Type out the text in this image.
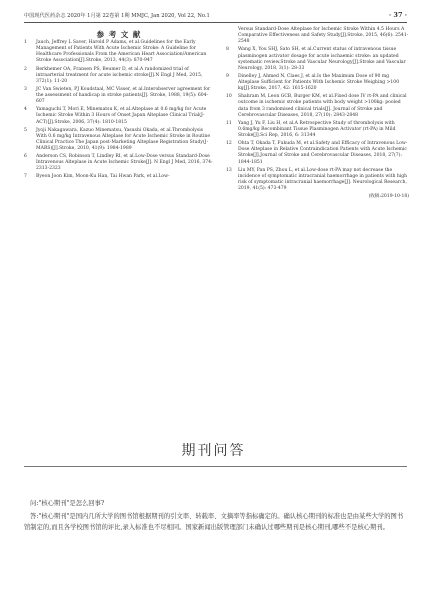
中国现代医药杂志 2020年 1月第 22卷第 1期 MMJC, Jan 2020, Vol 22, No.1	· 37 ·
参 考 文 献
1 Jauch, Jeffrey L Saver, Harold P Adams, et al.Guidelines for the Early Management of Patients With Acute Ischemic Stroke: A Guideline for Healthcare Professionals From the American Heart Association/American Stroke Association[J].Stroke, 2013, 44(3): 870-947
2 Berkhemer OA, Fransen PS, Beumer D, et al.A randomized trial of intraarterial treatment for acute ischemic stroke[J].N Engl J Med, 2015, 372(1): 11-20
3 JC Van Swieten, PJ Koudstaal, MC Visser, et al.Interobserver agreement for the assessment of handicap in stroke patients[J]. Stroke, 1988, 19(5): 604-607
4 Yamaguchi T, Mori E, Minematsu K, et al.Alteplase at 0.6 mg/kg for Acute Ischemic Stroke Within 3 Hours of Onset Japan Alteplase Clinical Trial(J-ACT)[J].Stroke, 2006, 37(4): 1810-1815
5 Jyoji Nakagawara, Kazuo Minematsu, Yasushi Okada, et al.Thrombolysis With 0.6 mg/kg Intravenous Alteplase for Acute Ischemic Stroke in Routine Clinical Practice The Japan post-Marketing Alteplase Registration Study(J-MARS)[J].Stroke, 2010, 41(9): 1984-1989
6 Anderson CS, Robinson T, Lindley RI, et al.Low-Dose versus Standard-Dose Intravenous Alteplase in Acute Ischemic Stroke[J]. N Engl J Med, 2016, 374: 2313-2323
7 Byeon Joon Kim, Moon-Ku Han, Tai Hwan Park, et al.Low-
Versus Standard-Dose Alteplase for Ischemic Stroke Within 4.5 Hours A Comparative Effectiveness and Safety Study[J].Stroke, 2015, 46(6): 2541-2548
8 Wang X, You SHJ, Sato SH, et al.Current status of intravenous tissue plasminogen activator dosage for acute ischaemic stroke: an updated systematic review.Stroke and Vascular Neurology[J].Stroke and Vascular Neurology, 2018, 3(1): 28-33
9 Dinelley J, Ahmed N, Claes J, et al.Is the Maximum Dose of 90 mg Alteplase Sufficient for Patients With Ischemic Stroke Weighing >100 kg[J].Stroke, 2017, 42: 1615-1620
10 Shahram M, Leon GCB, Burger KM, et al.Fixed dose IV rt-PA and clinical outcome in ischemic stroke patients with body weight >100kg: pooled data from 3 randomised clinical trials[J]. Journal of Stroke and Cerebrovascular Diseases, 2018, 27(10): 2843-2848
11 Yang J, Yu F, Liu H, et al.A Retrospective Study of thrombolysis with 0.6mg/kg Recombinant Tissue Plasminogen Activator (rt-PA) in Mild Stroke[J].Sci Rep, 2016, 6: 31344
12 Ohta T, Okada T, Fukuda M, et al.Safety and Efficacy of Intravenous Low-Dose Alteplase in Relative Contraindication Patients with Acute Ischemic Stroke[J].Journal of Stroke and Cerebrovascular Diseases, 2018, 27(7): 1844-1851
13 Liu MY, Pan PS, Zhou L, et al.Low-dose rt-PA may not decrease the incidence of symptomatic intracranial haemorrhage in patients with high risk of symptomatic intracranial haemorrhage[J]. Neurological Research, 2019, 41(5): 473-479
(收稿:2019-10-18)
期刊问答

问:"核心期刊"是怎么回事?

答:"核心期刊"是国内几所大学的图书馆根据期刊的引文率、转载率、文摘率等指标确定的。确认核心期刊的标准也是由某些大学的图书馆制定的,而且各学校图书馆的评比,录入标准也不尽相同。国家新闻出版管理部门未确认过哪些期刊是核心期刊,哪些不是核心期刊。
